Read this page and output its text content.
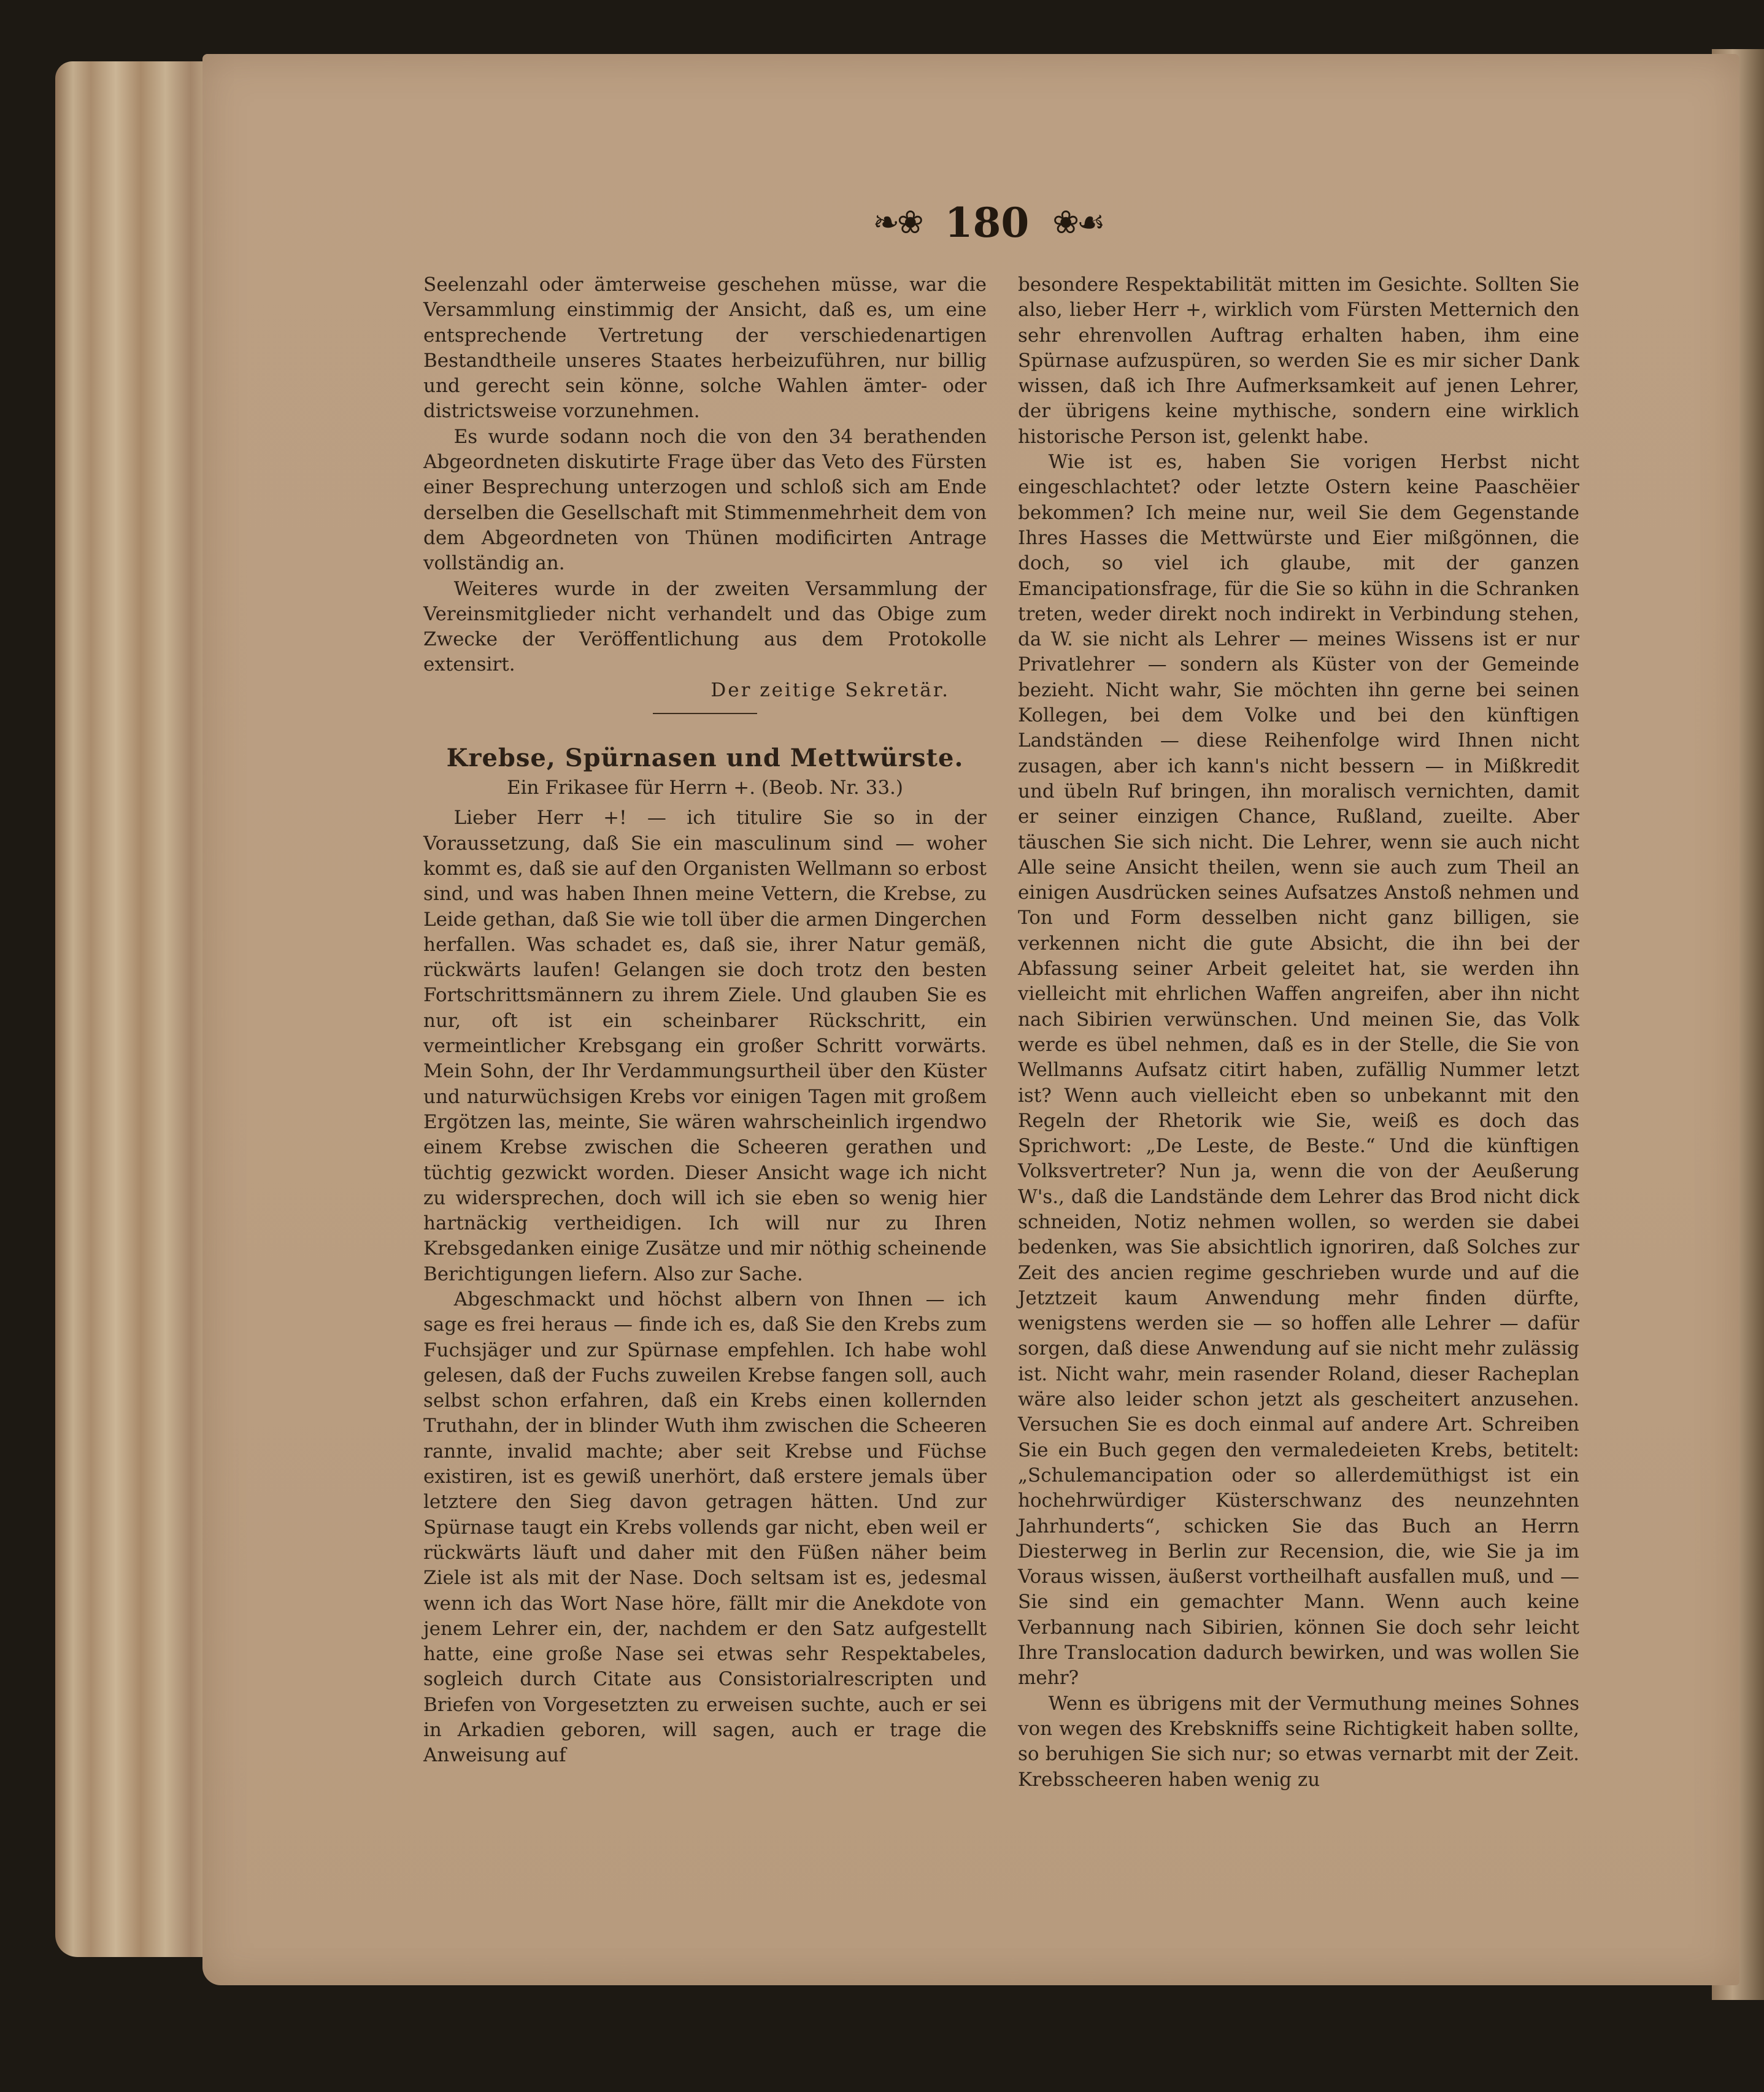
❧❀ 180 ❀☙

Seelenzahl oder ämterweise geschehen müsse, war die Versammlung einstimmig der Ansicht, daß es, um eine entsprechende Vertretung der verschiedenartigen Bestandtheile unseres Staates herbeizuführen, nur billig und gerecht sein könne, solche Wahlen ämter- oder districtsweise vorzunehmen.

Es wurde sodann noch die von den 34 berathenden Abgeordneten diskutirte Frage über das Veto des Fürsten einer Besprechung unterzogen und schloß sich am Ende derselben die Gesellschaft mit Stimmenmehrheit dem von dem Abgeordneten von Thünen modificirten Antrage vollständig an.

Weiteres wurde in der zweiten Versammlung der Vereinsmitglieder nicht verhandelt und das Obige zum Zwecke der Veröffentlichung aus dem Protokolle extensirt.

Der zeitige Sekretär.

Krebse, Spürnasen und Mettwürste.

Ein Frikasee für Herrn +. (Beob. Nr. 33.)

Lieber Herr +! — ich titulire Sie so in der Voraussetzung, daß Sie ein masculinum sind — woher kommt es, daß sie auf den Organisten Wellmann so erbost sind, und was haben Ihnen meine Vettern, die Krebse, zu Leide gethan, daß Sie wie toll über die armen Dingerchen herfallen. Was schadet es, daß sie, ihrer Natur gemäß, rückwärts laufen! Gelangen sie doch trotz den besten Fortschrittsmännern zu ihrem Ziele. Und glauben Sie es nur, oft ist ein scheinbarer Rückschritt, ein vermeintlicher Krebsgang ein großer Schritt vorwärts. Mein Sohn, der Ihr Verdammungsurtheil über den Küster und naturwüchsigen Krebs vor einigen Tagen mit großem Ergötzen las, meinte, Sie wären wahrscheinlich irgendwo einem Krebse zwischen die Scheeren gerathen und tüchtig gezwickt worden. Dieser Ansicht wage ich nicht zu widersprechen, doch will ich sie eben so wenig hier hartnäckig vertheidigen. Ich will nur zu Ihren Krebsgedanken einige Zusätze und mir nöthig scheinende Berichtigungen liefern. Also zur Sache.

Abgeschmackt und höchst albern von Ihnen — ich sage es frei heraus — finde ich es, daß Sie den Krebs zum Fuchsjäger und zur Spürnase empfehlen. Ich habe wohl gelesen, daß der Fuchs zuweilen Krebse fangen soll, auch selbst schon erfahren, daß ein Krebs einen kollernden Truthahn, der in blinder Wuth ihm zwischen die Scheeren rannte, invalid machte; aber seit Krebse und Füchse existiren, ist es gewiß unerhört, daß erstere jemals über letztere den Sieg davon getragen hätten. Und zur Spürnase taugt ein Krebs vollends gar nicht, eben weil er rückwärts läuft und daher mit den Füßen näher beim Ziele ist als mit der Nase. Doch seltsam ist es, jedesmal wenn ich das Wort Nase höre, fällt mir die Anekdote von jenem Lehrer ein, der, nachdem er den Satz aufgestellt hatte, eine große Nase sei etwas sehr Respektabeles, sogleich durch Citate aus Consistorialrescripten und Briefen von Vorgesetzten zu erweisen suchte, auch er sei in Arkadien geboren, will sagen, auch er trage die Anweisung auf

besondere Respektabilität mitten im Gesichte. Sollten Sie also, lieber Herr +, wirklich vom Fürsten Metternich den sehr ehrenvollen Auftrag erhalten haben, ihm eine Spürnase aufzuspüren, so werden Sie es mir sicher Dank wissen, daß ich Ihre Aufmerksamkeit auf jenen Lehrer, der übrigens keine mythische, sondern eine wirklich historische Person ist, gelenkt habe.

Wie ist es, haben Sie vorigen Herbst nicht eingeschlachtet? oder letzte Ostern keine Paaschëier bekommen? Ich meine nur, weil Sie dem Gegenstande Ihres Hasses die Mettwürste und Eier mißgönnen, die doch, so viel ich glaube, mit der ganzen Emancipationsfrage, für die Sie so kühn in die Schranken treten, weder direkt noch indirekt in Verbindung stehen, da W. sie nicht als Lehrer — meines Wissens ist er nur Privatlehrer — sondern als Küster von der Gemeinde bezieht. Nicht wahr, Sie möchten ihn gerne bei seinen Kollegen, bei dem Volke und bei den künftigen Landständen — diese Reihenfolge wird Ihnen nicht zusagen, aber ich kann's nicht bessern — in Mißkredit und übeln Ruf bringen, ihn moralisch vernichten, damit er seiner einzigen Chance, Rußland, zueilte. Aber täuschen Sie sich nicht. Die Lehrer, wenn sie auch nicht Alle seine Ansicht theilen, wenn sie auch zum Theil an einigen Ausdrücken seines Aufsatzes Anstoß nehmen und Ton und Form desselben nicht ganz billigen, sie verkennen nicht die gute Absicht, die ihn bei der Abfassung seiner Arbeit geleitet hat, sie werden ihn vielleicht mit ehrlichen Waffen angreifen, aber ihn nicht nach Sibirien verwünschen. Und meinen Sie, das Volk werde es übel nehmen, daß es in der Stelle, die Sie von Wellmanns Aufsatz citirt haben, zufällig Nummer letzt ist? Wenn auch vielleicht eben so unbekannt mit den Regeln der Rhetorik wie Sie, weiß es doch das Sprichwort: „De Leste, de Beste.“ Und die künftigen Volksvertreter? Nun ja, wenn die von der Aeußerung W's., daß die Landstände dem Lehrer das Brod nicht dick schneiden, Notiz nehmen wollen, so werden sie dabei bedenken, was Sie absichtlich ignoriren, daß Solches zur Zeit des ancien regime geschrieben wurde und auf die Jetztzeit kaum Anwendung mehr finden dürfte, wenigstens werden sie — so hoffen alle Lehrer — dafür sorgen, daß diese Anwendung auf sie nicht mehr zulässig ist. Nicht wahr, mein rasender Roland, dieser Racheplan wäre also leider schon jetzt als gescheitert anzusehen. Versuchen Sie es doch einmal auf andere Art. Schreiben Sie ein Buch gegen den vermaledeieten Krebs, betitelt: „Schulemancipation oder so allerdemüthigst ist ein hochehrwürdiger Küsterschwanz des neunzehnten Jahrhunderts“, schicken Sie das Buch an Herrn Diesterweg in Berlin zur Recension, die, wie Sie ja im Voraus wissen, äußerst vortheilhaft ausfallen muß, und — Sie sind ein gemachter Mann. Wenn auch keine Verbannung nach Sibirien, können Sie doch sehr leicht Ihre Translocation dadurch bewirken, und was wollen Sie mehr?

Wenn es übrigens mit der Vermuthung meines Sohnes von wegen des Krebskniffs seine Richtigkeit haben sollte, so beruhigen Sie sich nur; so etwas vernarbt mit der Zeit. Krebsscheeren haben wenig zu
